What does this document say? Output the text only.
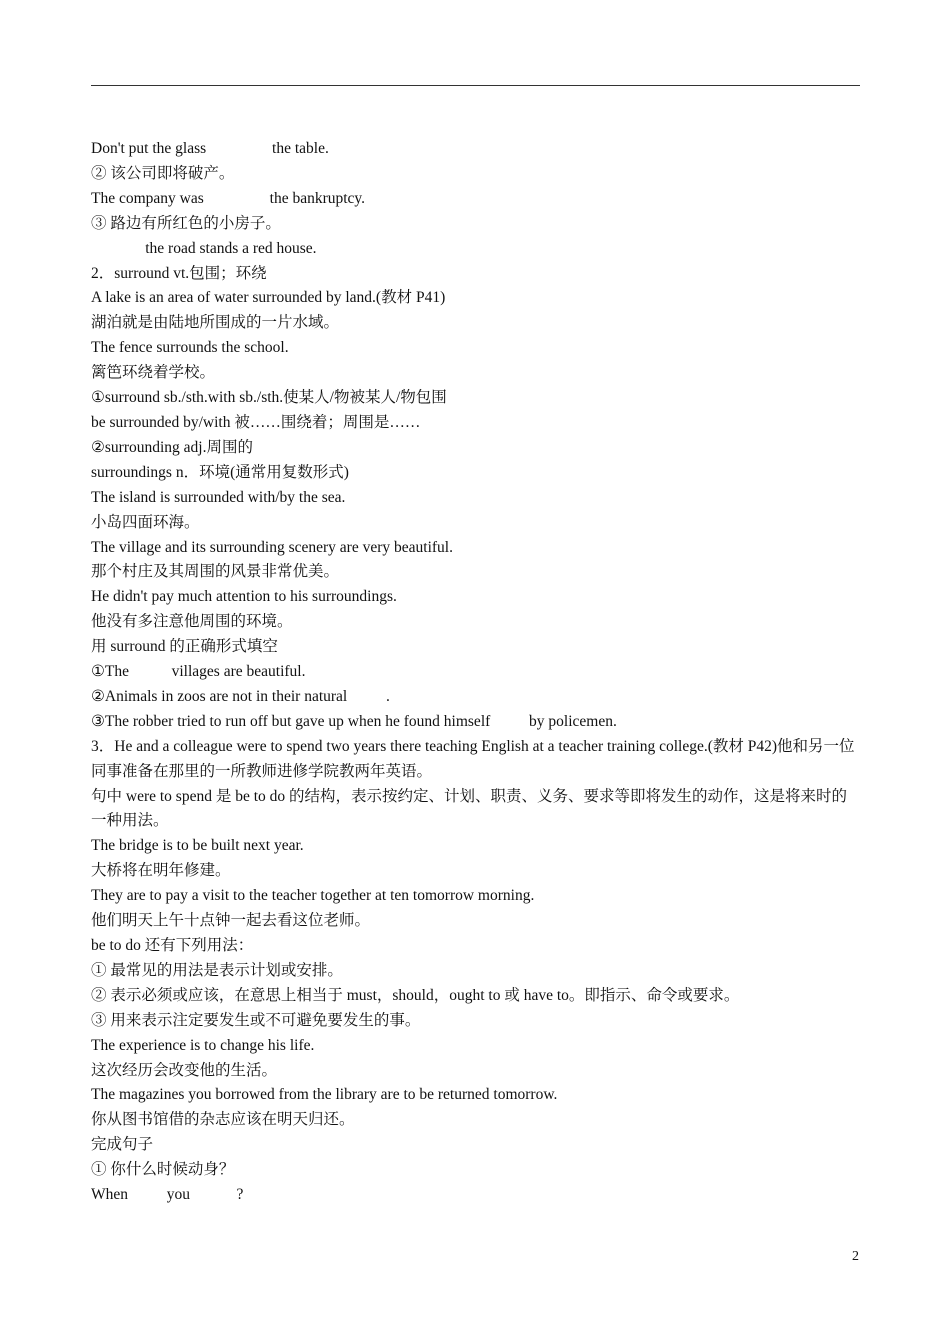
Don't put the glass                 the table.

② 该公司即将破产。

The company was                 the bankruptcy.

③ 路边有所红色的小房子。

the road stands a red house.

2．surround vt.包围；环绕

A lake is an area of water surrounded by land.(教材 P41)

湖泊就是由陆地所围成的一片水域。

The fence surrounds the school.

篱笆环绕着学校。

①surround sb./sth.with sb./sth.使某人/物被某人/物包围

be surrounded by/with 被……围绕着；周围是……

②surrounding adj.周围的

surroundings n．环境(通常用复数形式)

The island is surrounded with/by the sea.

小岛四面环海。

The village and its surrounding scenery are very beautiful.

那个村庄及其周围的风景非常优美。

He didn't pay much attention to his surroundings.

他没有多注意他周围的环境。

用 surround 的正确形式填空

①The           villages are beautiful.

②Animals in zoos are not in their natural          .

③The robber tried to run off but gave up when he found himself          by policemen.

3．He and a colleague were to spend two years there teaching English at a teacher training college.(教材 P42)他和另一位同事准备在那里的一所教师进修学院教两年英语。

句中 were to spend 是 be to do 的结构，表示按约定、计划、职责、义务、要求等即将发生的动作，这是将来时的一种用法。

The bridge is to be built next year.

大桥将在明年修建。

They are to pay a visit to the teacher together at ten tomorrow morning.

他们明天上午十点钟一起去看这位老师。

be to do 还有下列用法：

① 最常见的用法是表示计划或安排。

② 表示必须或应该，在意思上相当于 must，should，ought to 或 have to。即指示、命令或要求。

③ 用来表示注定要发生或不可避免要发生的事。

The experience is to change his life.

这次经历会改变他的生活。

The magazines you borrowed from the library are to be returned tomorrow.

你从图书馆借的杂志应该在明天归还。

完成句子

① 你什么时候动身？

When          you            ?

2
